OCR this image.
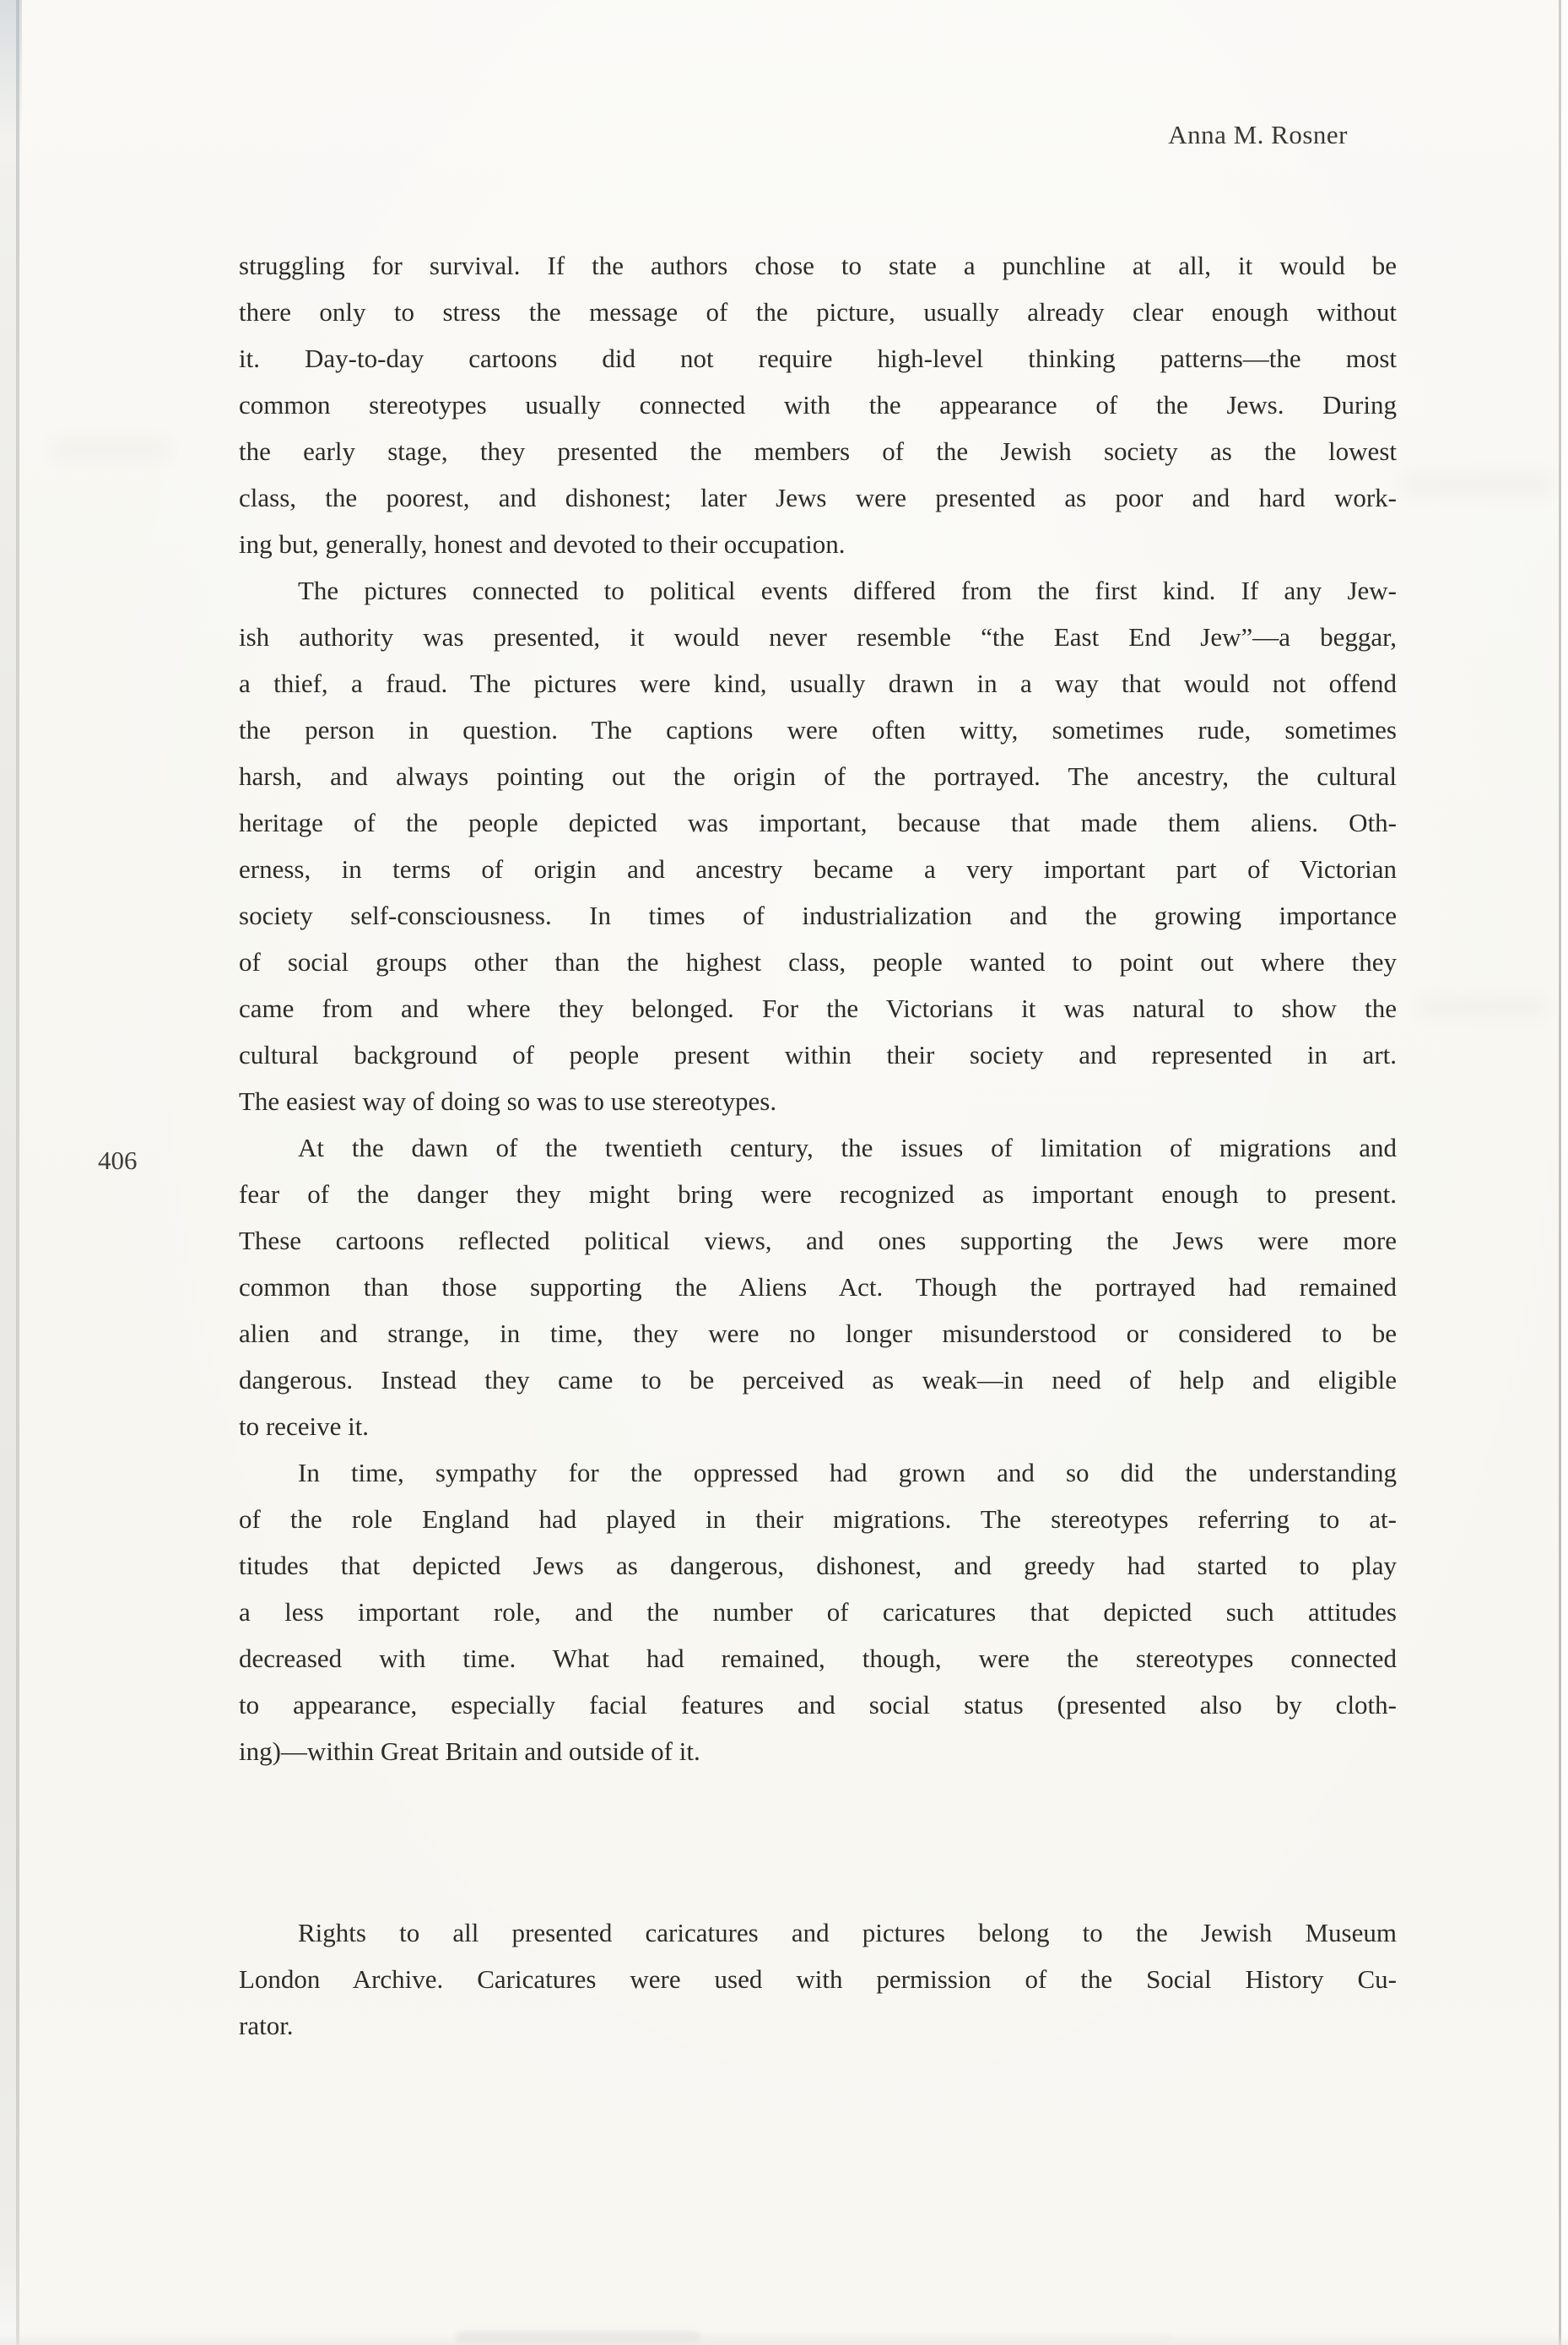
Anna M. Rosner
406
struggling for survival. If the authors chose to state a punchline at all, it would be
there only to stress the message of the picture, usually already clear enough without
it. Day-to-day cartoons did not require high-level thinking patterns—the most
common stereotypes usually connected with the appearance of the Jews. During
the early stage, they presented the members of the Jewish society as the lowest
class, the poorest, and dishonest; later Jews were presented as poor and hard work-
ing but, generally, honest and devoted to their occupation.
The pictures connected to political events differed from the first kind. If any Jew-
ish authority was presented, it would never resemble “the East End Jew”—a beggar,
a thief, a fraud. The pictures were kind, usually drawn in a way that would not offend
the person in question. The captions were often witty, sometimes rude, sometimes
harsh, and always pointing out the origin of the portrayed. The ancestry, the cultural
heritage of the people depicted was important, because that made them aliens. Oth-
erness, in terms of origin and ancestry became a very important part of Victorian
society self-consciousness. In times of industrialization and the growing importance
of social groups other than the highest class, people wanted to point out where they
came from and where they belonged. For the Victorians it was natural to show the
cultural background of people present within their society and represented in art.
The easiest way of doing so was to use stereotypes.
At the dawn of the twentieth century, the issues of limitation of migrations and
fear of the danger they might bring were recognized as important enough to present.
These cartoons reflected political views, and ones supporting the Jews were more
common than those supporting the Aliens Act. Though the portrayed had remained
alien and strange, in time, they were no longer misunderstood or considered to be
dangerous. Instead they came to be perceived as weak—in need of help and eligible
to receive it.
In time, sympathy for the oppressed had grown and so did the understanding
of the role England had played in their migrations. The stereotypes referring to at-
titudes that depicted Jews as dangerous, dishonest, and greedy had started to play
a less important role, and the number of caricatures that depicted such attitudes
decreased with time. What had remained, though, were the stereotypes connected
to appearance, especially facial features and social status (presented also by cloth-
ing)—within Great Britain and outside of it.
Rights to all presented caricatures and pictures belong to the Jewish Museum
London Archive. Caricatures were used with permission of the Social History Cu-
rator.
